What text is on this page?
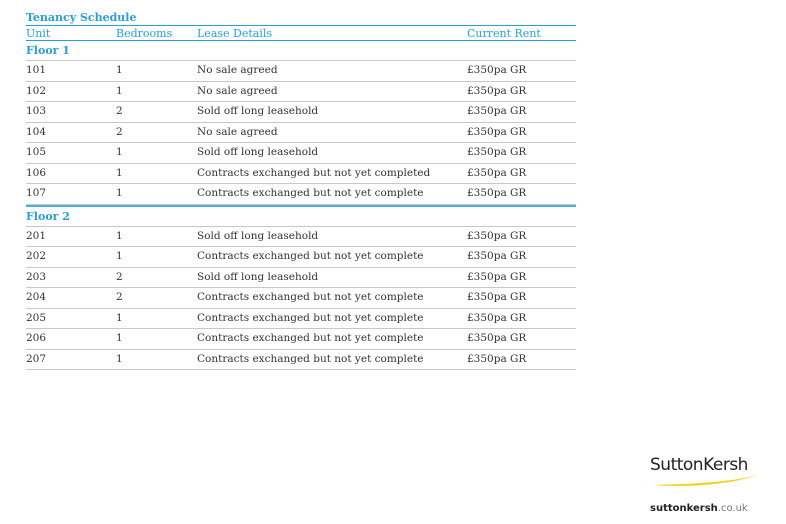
Tenancy Schedule
Unit	Bedrooms	Lease Details	Current Rent
Floor 1
101	1	No sale agreed	£350pa GR
102	1	No sale agreed	£350pa GR
103	2	Sold off long leasehold	£350pa GR
104	2	No sale agreed	£350pa GR
105	1	Sold off long leasehold	£350pa GR
106	1	Contracts exchanged but not yet completed	£350pa GR
107	1	Contracts exchanged but not yet complete	£350pa GR
Floor 2
201	1	Sold off long leasehold	£350pa GR
202	1	Contracts exchanged but not yet complete	£350pa GR
203	2	Sold off long leasehold	£350pa GR
204	2	Contracts exchanged but not yet complete	£350pa GR
205	1	Contracts exchanged but not yet complete	£350pa GR
206	1	Contracts exchanged but not yet complete	£350pa GR
207	1	Contracts exchanged but not yet complete	£350pa GR
SuttonKersh
suttonkersh.co.uk
